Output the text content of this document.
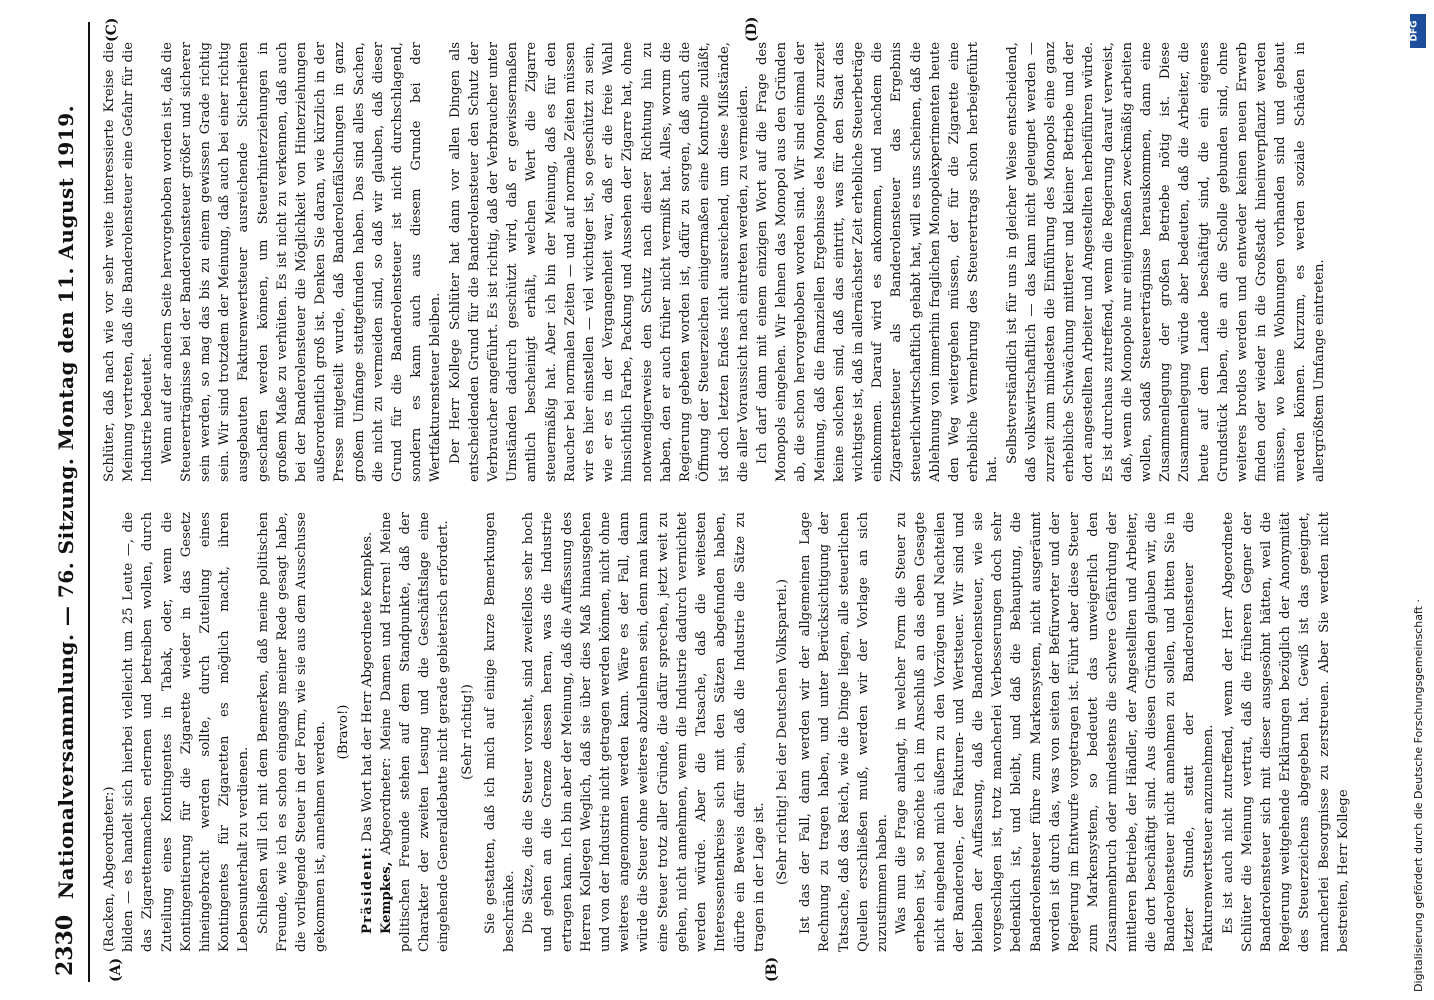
2330
Nationalversammlung. — 76. Sitzung. Montag den 11. August 1919.
(A)	(B)
(C)	(D)

(Racken, Abgeordneter:) bilden — es handelt sich hierbei vielleicht um 25 Leute —, die das Zigarettenmachen erlernen und betreiben wollen, durch Zuteilung eines Kontingentes in Tabak, oder, wenn die Kontingentierung für die Zigarette wieder in das Gesetz hineingebracht werden sollte, durch Zuteilung eines Kontingentes für Zigaretten es möglich macht, ihren Lebensunterhalt zu verdienen. Schließen will ich mit dem Bemerken, daß meine politischen Freunde, wie ich es schon eingangs meiner Rede gesagt habe, die vorliegende Steuer in der Form, wie sie aus dem Ausschusse gekommen ist, annehmen werden. (Bravo!)

Präsident: Das Wort hat der Herr Abgeordnete Kempkes.

Kempkes, Abgeordneter: Meine Damen und Herren! Meine politischen Freunde stehen auf dem Standpunkte, daß der Charakter der zweiten Lesung und die Geschäftslage eine eingehende Generaldebatte nicht gerade gebieterisch erfordert. (Sehr richtig!) Sie gestatten, daß ich mich auf einige kurze Bemerkungen beschränke. Die Sätze, die die Steuer vorsieht, sind zweifellos sehr hoch und gehen an die Grenze dessen heran, was die Industrie ertragen kann. Ich bin aber der Meinung, daß die Auffassung des Herren Kollegen Weglich, daß sie über dies Maß hinausgehen und von der Industrie nicht getragen werden können, nicht ohne weiteres angenommen werden kann. Wäre es der Fall, dann würde die Steuer ohne weiteres abzulehnen sein, denn man kann eine Steuer trotz aller Gründe, die dafür sprechen, jetzt weit zu gehen, nicht annehmen, wenn die Industrie dadurch vernichtet werden würde. Aber die Tatsache, daß die weitesten Interessentenkreise sich mit den Sätzen abgefunden haben, dürfte ein Beweis dafür sein, daß die Industrie die Sätze zu tragen in der Lage ist. (Sehr richtig! bei der Deutschen Volkspartei.) Ist das der Fall, dann werden wir der allgemeinen Lage Rechnung zu tragen haben, und unter Berücksichtigung der Tatsache, daß das Reich, wie die Dinge liegen, alle steuerlichen Quellen erschließen muß, werden wir der Vorlage an sich zuzustimmen haben. Was nun die Frage anlangt, in welcher Form die Steuer zu erheben ist, so möchte ich im Anschluß an das eben Gesagte nicht eingehend mich äußern zu den Vorzügen und Nachteilen der Banderolen-, der Fakturen- und Wertsteuer. Wir sind und bleiben der Auffassung, daß die Banderolensteuer, wie sie vorgeschlagen ist, trotz mancherlei Verbesserungen doch sehr bedenklich ist, und bleibt, und daß die Behauptung, die Banderolensteuer führe zum Markensystem, nicht ausgeräumt worden ist durch das, was von seiten der Befürworter und der Regierung im Entwurfe vorgetragen ist. Führt aber diese Steuer zum Markensystem, so bedeutet das unweigerlich den Zusammenbruch oder mindestens die schwere Gefährdung der mittleren Betriebe, der Händler, der Angestellten und Arbeiter, die dort beschäftigt sind. Aus diesen Gründen glauben wir, die Banderolensteuer nicht annehmen zu sollen, und bitten Sie in letzter Stunde, statt der Banderolensteuer die Fakturenwertsteuer anzunehmen. Es ist auch nicht zutreffend, wenn der Herr Abgeordnete Schlüter die Meinung vertrat, daß die früheren Gegner der Banderolensteuer sich mit dieser ausgesöhnt hätten, weil die Regierung weitgehende Erklärungen bezüglich der Anonymität des Steuerzeichens abgegeben hat. Gewiß ist das geeignet, mancherlei Besorgnisse zu zerstreuen. Aber Sie werden nicht bestreiten, Herr Kollege

Schlüter, daß nach wie vor sehr weite interessierte Kreise die Meinung vertreten, daß die Banderolensteuer eine Gefahr für die Industrie bedeutet. Wenn auf der andern Seite hervorgehoben worden ist, daß die Steuererträgnisse bei der Banderolensteuer größer und sicherer sein werden, so mag das bis zu einem gewissen Grade richtig sein. Wir sind trotzdem der Meinung, daß auch bei einer richtig ausgebauten Fakturenwertsteuer ausreichende Sicherheiten geschaffen werden können, um Steuerhinterziehungen in großem Maße zu verhüten. Es ist nicht zu verkennen, daß auch bei der Banderolensteuer die Möglichkeit von Hinterziehungen außerordentlich groß ist. Denken Sie daran, wie kürzlich in der Presse mitgeteilt wurde, daß Banderolenfälschungen in ganz großem Umfange stattgefunden haben. Das sind alles Sachen, die nicht zu vermeiden sind, so daß wir glauben, daß dieser Grund für die Banderolensteuer ist nicht durchschlagend, sondern es kann auch aus diesem Grunde bei der Wertfakturensteuer bleiben. Der Herr Kollege Schlüter hat dann vor allen Dingen als entscheidenden Grund für die Banderolensteuer den Schutz der Verbraucher angeführt. Es ist richtig, daß der Verbraucher unter Umständen dadurch geschützt wird, daß er gewissermaßen amtlich bescheinigt erhält, welchen Wert die Zigarre steuermäßig hat. Aber ich bin der Meinung, daß es für den Raucher bei normalen Zeiten — und auf normale Zeiten müssen wir es hier einstellen — viel wichtiger ist, so geschützt zu sein, wie er es in der Vergangenheit war, daß er die freie Wahl hinsichtlich Farbe, Packung und Aussehen der Zigarre hat, ohne notwendigerweise den Schutz nach dieser Richtung hin zu haben, den er auch früher nicht vermißt hat. Alles, worum die Regierung gebeten worden ist, dafür zu sorgen, daß auch die Öffnung der Steuerzeichen einigermaßen eine Kontrolle zuläßt, ist doch letzten Endes nicht ausreichend, um diese Mißstände, die aller Voraussicht nach eintreten werden, zu vermeiden. Ich darf dann mit einem einzigen Wort auf die Frage des Monopols eingehen. Wir lehnen das Monopol aus den Gründen ab, die schon hervorgehoben worden sind. Wir sind einmal der Meinung, daß die finanziellen Ergebnisse des Monopols zurzeit keine solchen sind, daß das eintritt, was für den Staat das wichtigste ist, daß in allernächster Zeit erhebliche Steuerbeträge einkommen. Darauf wird es ankommen, und nachdem die Zigarettensteuer als Banderolensteuer das Ergebnis steuerlichwirtschaftlich gehabt hat, will es uns scheinen, daß die Ablehnung von immerhin fraglichen Monopolexperimenten heute den Weg weitergehen müssen, der für die Zigarette eine erhebliche Vermehrung des Steuerertrags schon herbeigeführt hat.

Selbstverständlich ist für uns in gleicher Weise entscheidend, daß volkswirtschaftlich — das kann nicht geleugnet werden — zurzeit zum mindesten die Einführung des Monopols eine ganz erhebliche Schwächung mittlerer und kleiner Betriebe und der dort angestellten Arbeiter und Angestellten herbeiführen würde. Es ist durchaus zutreffend, wenn die Regierung darauf verweist, daß, wenn die Monopole nur einigermaßen zweckmäßig arbeiten wollen, sodaß Steuererträgnisse herauskommen, dann eine Zusammenlegung der großen Betriebe nötig ist. Diese Zusammenlegung würde aber bedeuten, daß die Arbeiter, die heute auf dem Lande beschäftigt sind, die ein eigenes Grundstück haben, die an die Scholle gebunden sind, ohne weiteres brotlos werden und entweder keinen neuen Erwerb finden oder wieder in die Großstadt hineinverpflanzt werden müssen, wo keine Wohnungen vorhanden sind und gebaut werden können. Kurzum, es werden soziale Schäden in allergrößtem Umfange eintreten.

DFG
Digitalisierung gefördert durch die Deutsche Forschungsgemeinschaft ·
